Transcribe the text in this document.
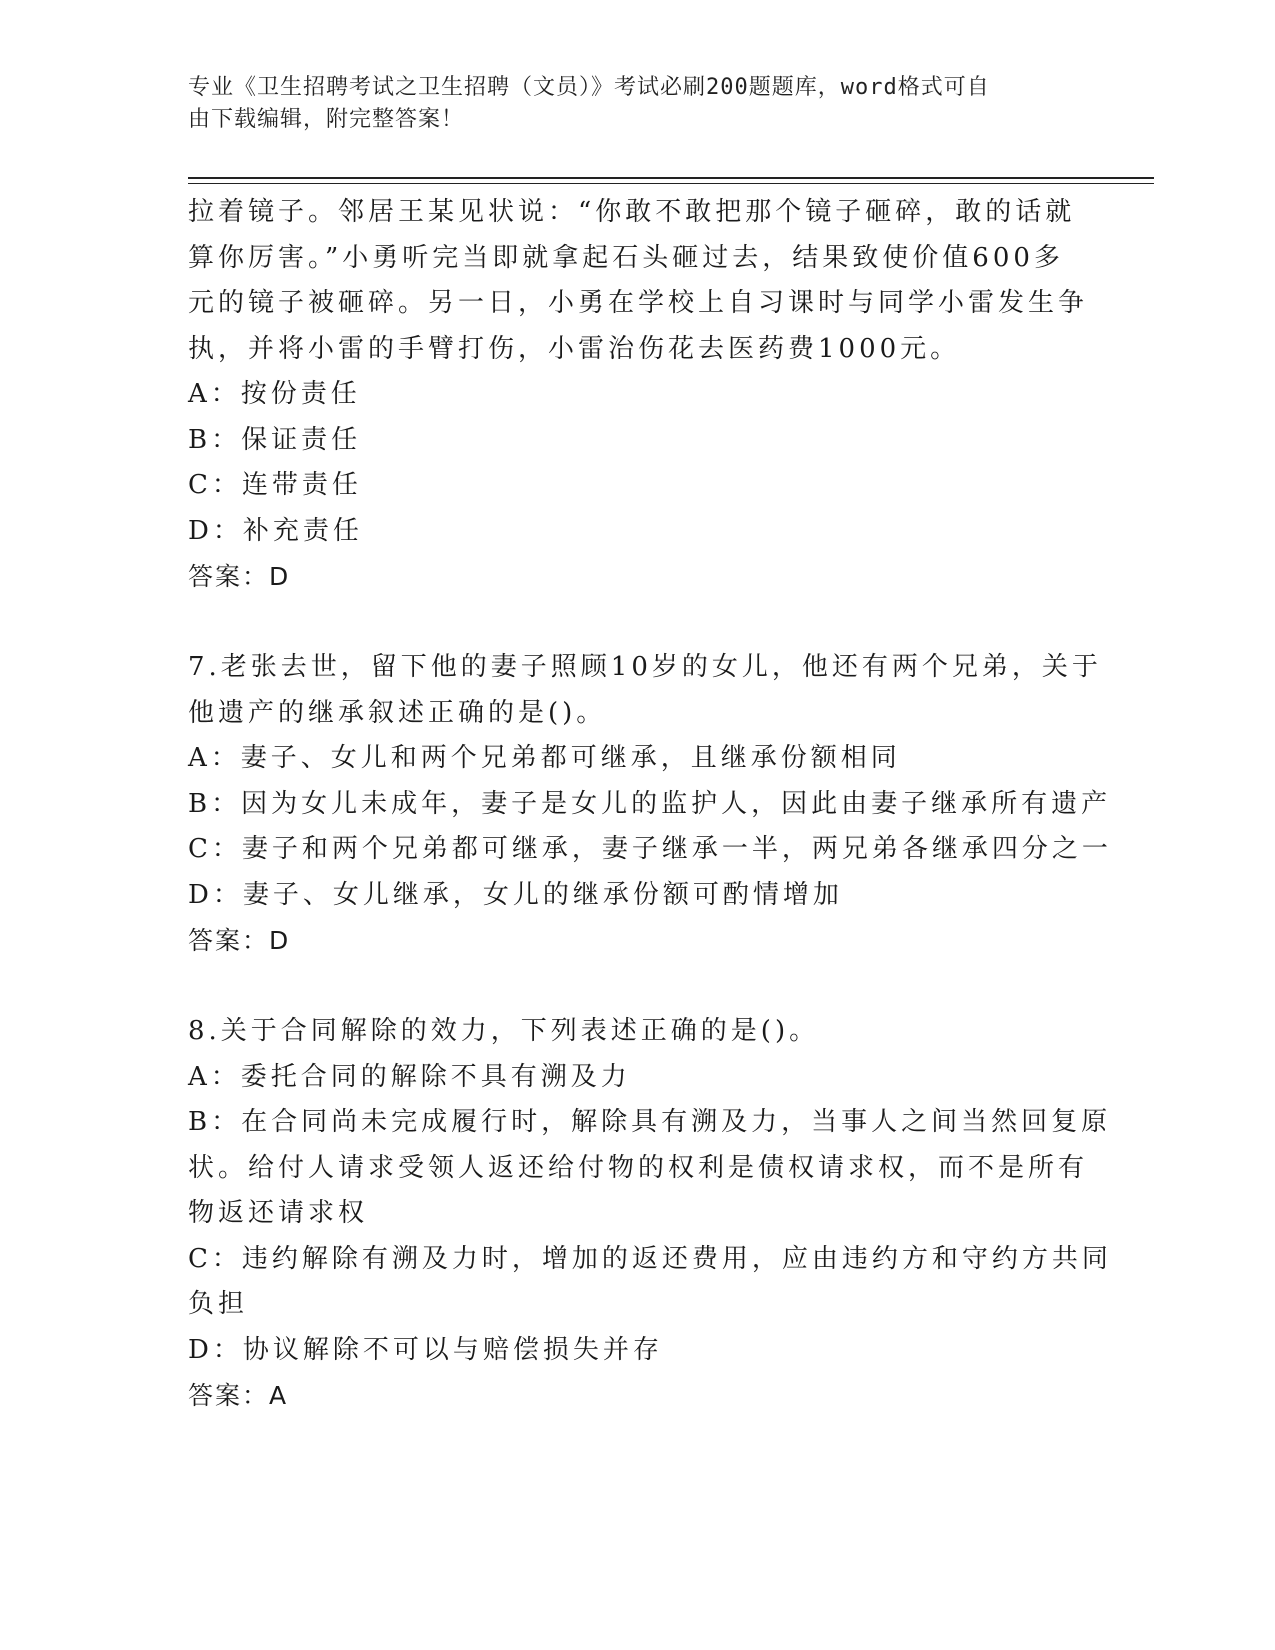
专业《卫生招聘考试之卫生招聘（文员）》考试必刷200题题库，word格式可自
由下载编辑，附完整答案！
拉着镜子。邻居王某见状说：“你敢不敢把那个镜子砸碎，敢的话就
算你厉害。”小勇听完当即就拿起石头砸过去，结果致使价值600多
元的镜子被砸碎。另一日，小勇在学校上自习课时与同学小雷发生争
执，并将小雷的手臂打伤，小雷治伤花去医药费1000元。
A：按份责任
B：保证责任
C：连带责任
D：补充责任
答案：D
7.老张去世，留下他的妻子照顾10岁的女儿，他还有两个兄弟，关于
他遗产的继承叙述正确的是()。
A：妻子、女儿和两个兄弟都可继承，且继承份额相同
B：因为女儿未成年，妻子是女儿的监护人，因此由妻子继承所有遗产
C：妻子和两个兄弟都可继承，妻子继承一半，两兄弟各继承四分之一
D：妻子、女儿继承，女儿的继承份额可酌情增加
答案：D
8.关于合同解除的效力，下列表述正确的是()。
A：委托合同的解除不具有溯及力
B：在合同尚未完成履行时，解除具有溯及力，当事人之间当然回复原
状。给付人请求受领人返还给付物的权利是债权请求权，而不是所有
物返还请求权
C：违约解除有溯及力时，增加的返还费用，应由违约方和守约方共同
负担
D：协议解除不可以与赔偿损失并存
答案：A
